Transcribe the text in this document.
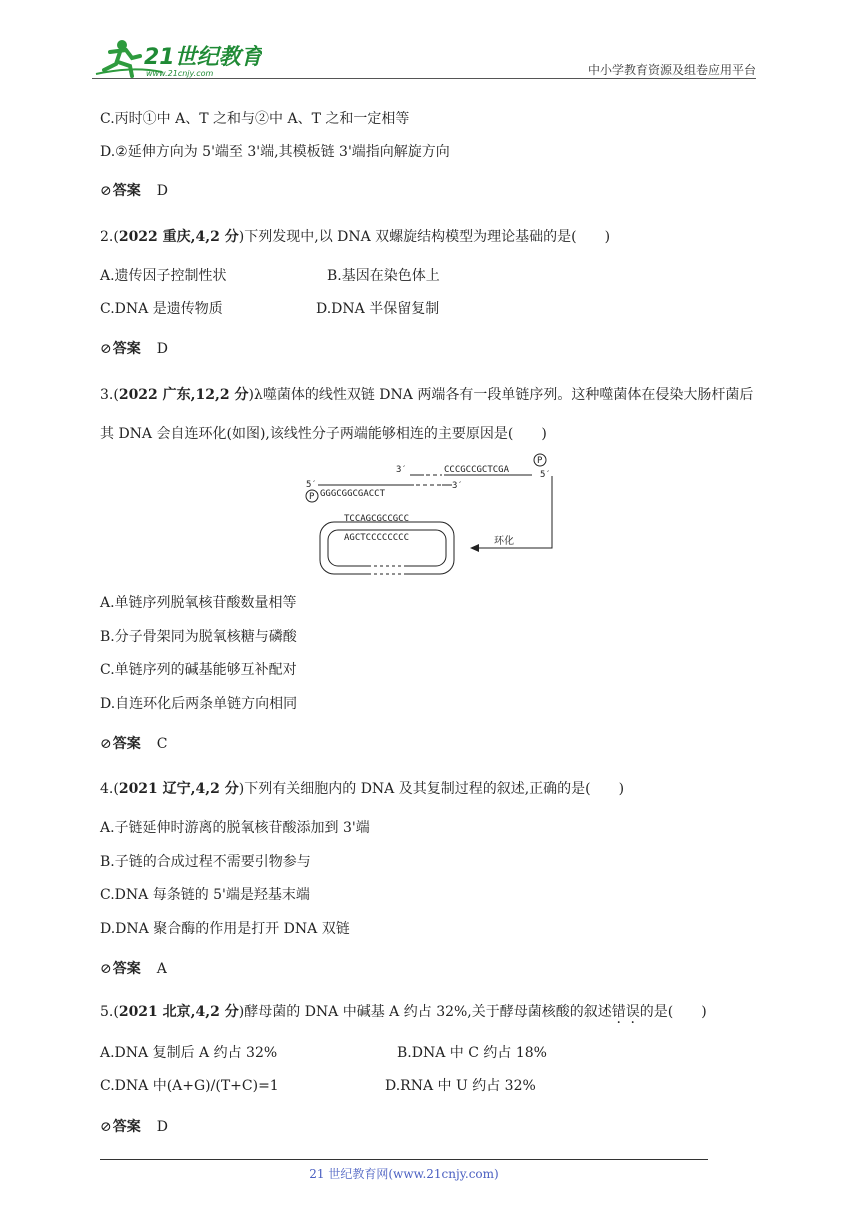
21世纪教育
www.21cnjy.com	中小学教育资源及组卷应用平台
C.丙时①中 A、T 之和与②中 A、T 之和一定相等
D.②延伸方向为 5'端至 3'端,其模板链 3'端指向解旋方向
⊘答案 D
2.(2022 重庆,4,2 分)下列发现中,以 DNA 双螺旋结构模型为理论基础的是(　　)
A.遗传因子控制性状	B.基因在染色体上
C.DNA 是遗传物质	D.DNA 半保留复制
⊘答案 D
3.(2022 广东,12,2 分)λ噬菌体的线性双链 DNA 两端各有一段单链序列。这种噬菌体在侵染大肠杆菌后
其 DNA 会自连环化(如图),该线性分子两端能够相连的主要原因是(　　)
3′	CCCGCCGCTCGA
P
5′
5′
P GGGCGGCGACCT
3′
环化
TCCAGCGCCGCC
AGCTCCCCCCCC
A.单链序列脱氧核苷酸数量相等
B.分子骨架同为脱氧核糖与磷酸
C.单链序列的碱基能够互补配对
D.自连环化后两条单链方向相同
⊘答案 C
4.(2021 辽宁,4,2 分)下列有关细胞内的 DNA 及其复制过程的叙述,正确的是(　　)
A.子链延伸时游离的脱氧核苷酸添加到 3'端
B.子链的合成过程不需要引物参与
C.DNA 每条链的 5'端是羟基末端
D.DNA 聚合酶的作用是打开 DNA 双链
⊘答案 A
5.(2021 北京,4,2 分)酵母菌的 DNA 中碱基 A 约占 32%,关于酵母菌核酸的叙述错误的是(　　)
A.DNA 复制后 A 约占 32%	B.DNA 中 C 约占 18%
C.DNA 中(A+G)/(T+C)=1	D.RNA 中 U 约占 32%
⊘答案 D
21 世纪教育网(www.21cnjy.com)
